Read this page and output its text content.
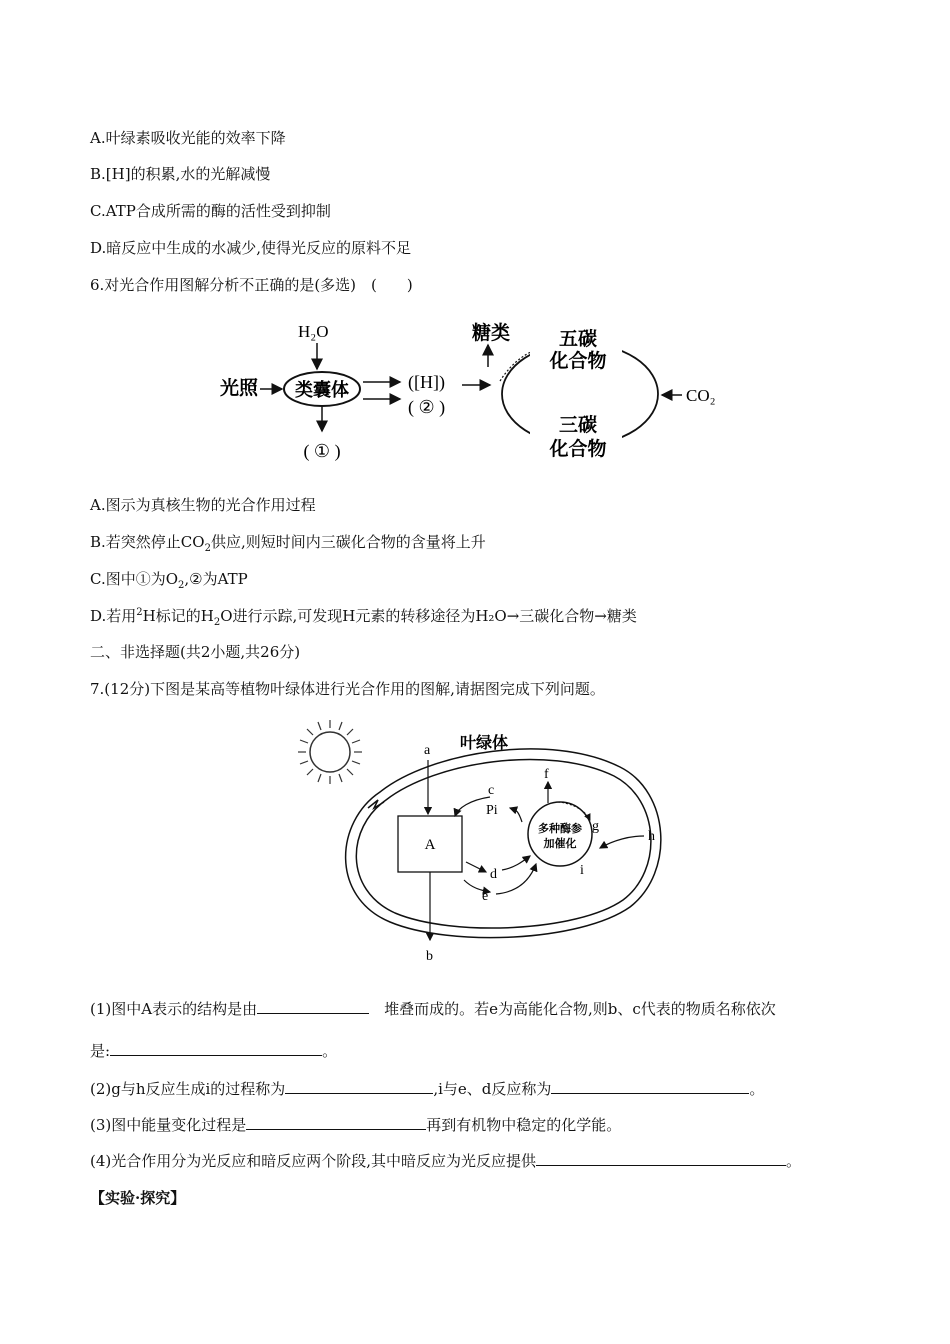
A.叶绿素吸收光能的效率下降
B.[H]的积累,水的光解减慢
C.ATP合成所需的酶的活性受到抑制
D.暗反应中生成的水减少,使得光反应的原料不足
6.对光合作用图解分析不正确的是(多选)　(　　)
H₂O
光照 类囊体
( ① )
([H])
( ② )
糖类	五碳
化合物
三碳
化合物
CO₂
A.图示为真核生物的光合作用过程
B.若突然停止$CO_2$供应,则短时间内三碳化合物的含量将上升
C.图中①为$O_2,②$为ATP
D.若用$^2$H标记的$H_2O$进行示踪,可发现H元素的转移途径为H₂O→三碳化合物→糖类
二、非选择题(共2小题,共26分)
7.(12分)下图是某高等植物叶绿体进行光合作用的图解,请据图完成下列问题。
叶绿体
a
A
b
c
Pi
d
e
多种酶参
加催化
f
g
h
i
(1)图中A表示的结构是由　	堆叠而成的。若e为高能化合物,则b、c代表的物质名称依次
是:	。
(2)g与h反应生成i的过程称为	,i与e、d反应称为	。
(3)图中能量变化过程是	再到有机物中稳定的化学能。
(4)光合作用分为光反应和暗反应两个阶段,其中暗反应为光反应提供	。
【实验·探究】
